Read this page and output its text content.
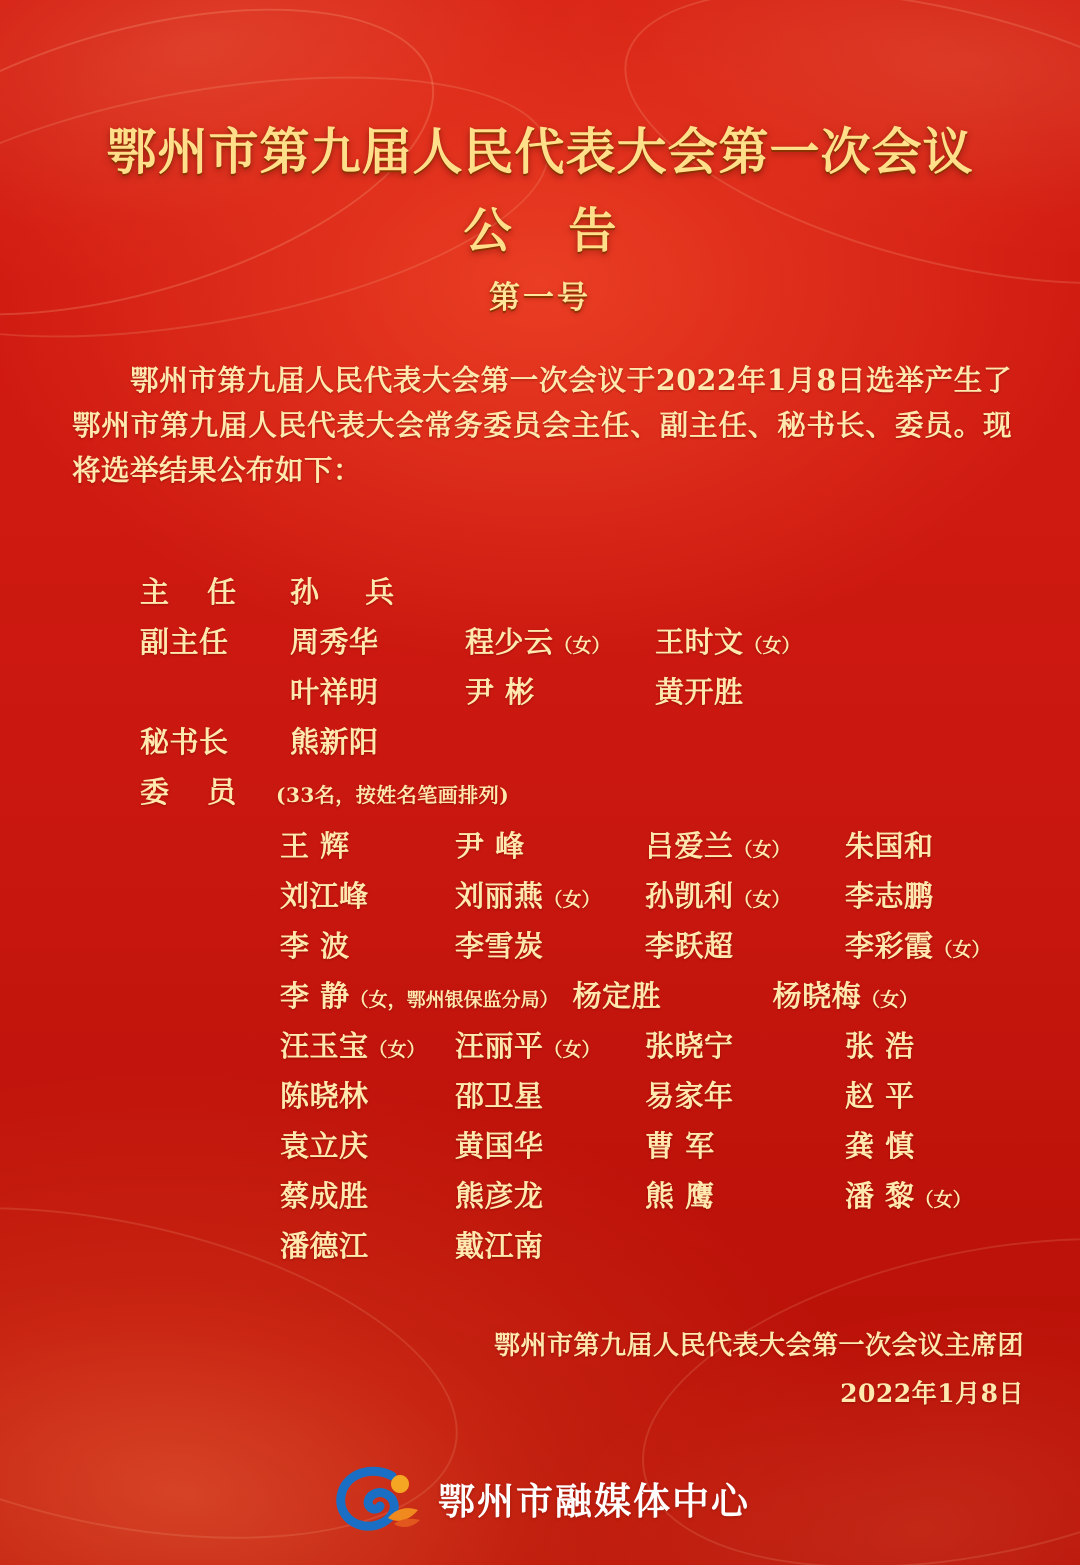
鄂州市第九届人民代表大会第一次会议
公 告
第一号
鄂州市第九届人民代表大会第一次会议于2022年1月8日选举产生了鄂州市第九届人民代表大会常务委员会主任、副主任、秘书长、委员。现将选举结果公布如下：
主 任	孙 兵
副主任	周秀华	程少云（女）	王时文（女）
叶祥明	尹 彬	黄开胜
秘书长	熊新阳
委 员	(33名，按姓名笔画排列)
王 辉	尹 峰	吕爱兰（女）	朱国和
刘江峰	刘丽燕（女）	孙凯利（女）	李志鹏
李 波	李雪炭	李跃超	李彩霞（女）
李 静（女，鄂州银保监分局） 杨定胜	杨晓梅（女）
汪玉宝（女）	汪丽平（女）	张晓宁	张 浩
陈晓林	邵卫星	易家年	赵 平
袁立庆	黄国华	曹 军	龚 慎
蔡成胜	熊彦龙	熊 鹰	潘 黎（女）
潘德江	戴江南
鄂州市第九届人民代表大会第一次会议主席团
2022年1月8日
鄂州市融媒体中心
